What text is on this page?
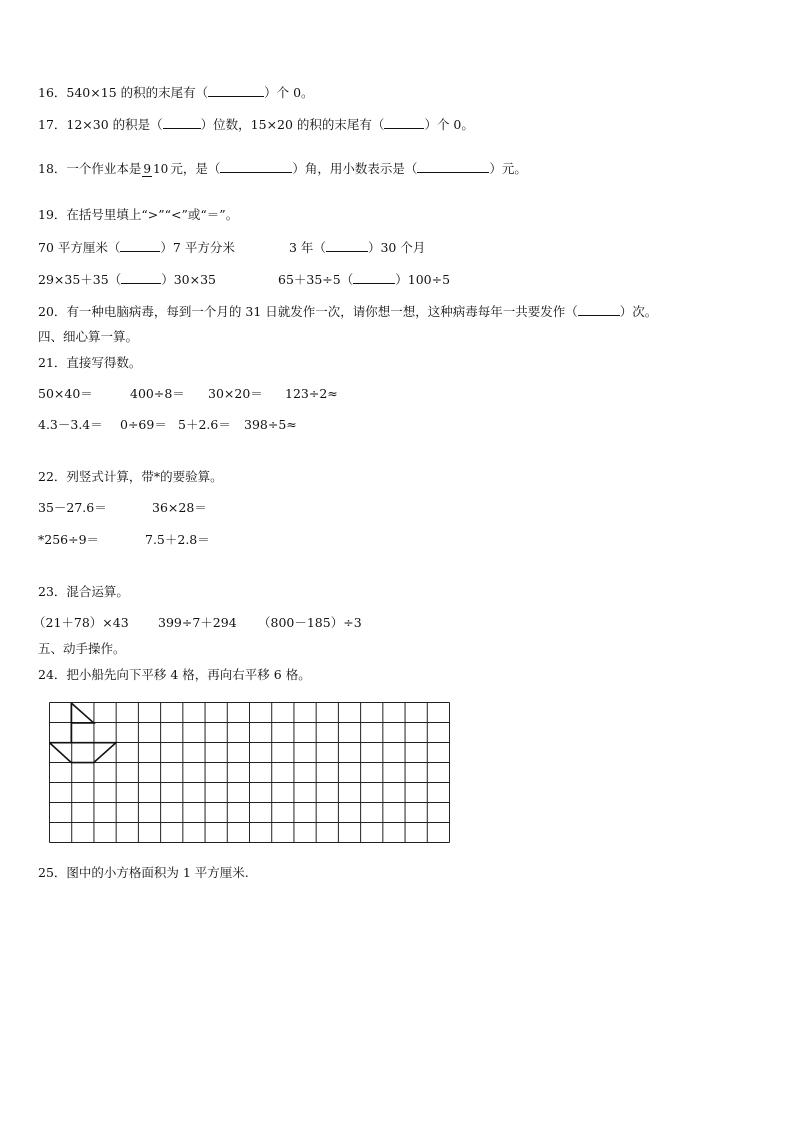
16．540×15 的积的末尾有（	）个 0。
17．12×30 的积是（	）位数，15×20 的积的末尾有（	）个 0。
18．一个作业本是 9 10 元，是（	）角，用小数表示是（	）元。
19．在括号里填上“>”“<”或“＝”。
70 平方厘米（	）7 平方分米	3 年（	）30 个月
29×35＋35（	）30×35	65＋35÷5（	）100÷5
20．有一种电脑病毒，每到一个月的 31 日就发作一次，请你想一想，这种病毒每年一共要发作（	）次。
四、细心算一算。
21．直接写得数。
50×40＝	400÷8＝ 30×20＝ 123÷2≈
4.3－3.4＝ 0÷69＝ 5＋2.6＝ 398÷5≈
22．列竖式计算，带*的要验算。
35－27.6＝	36×28＝
*256÷9＝	7.5＋2.8＝
23．混合运算。
（21＋78）×43 399÷7＋294 （800－185）÷3
五、动手操作。
24．把小船先向下平移 4 格，再向右平移 6 格。
25．图中的小方格面积为 1 平方厘米.
